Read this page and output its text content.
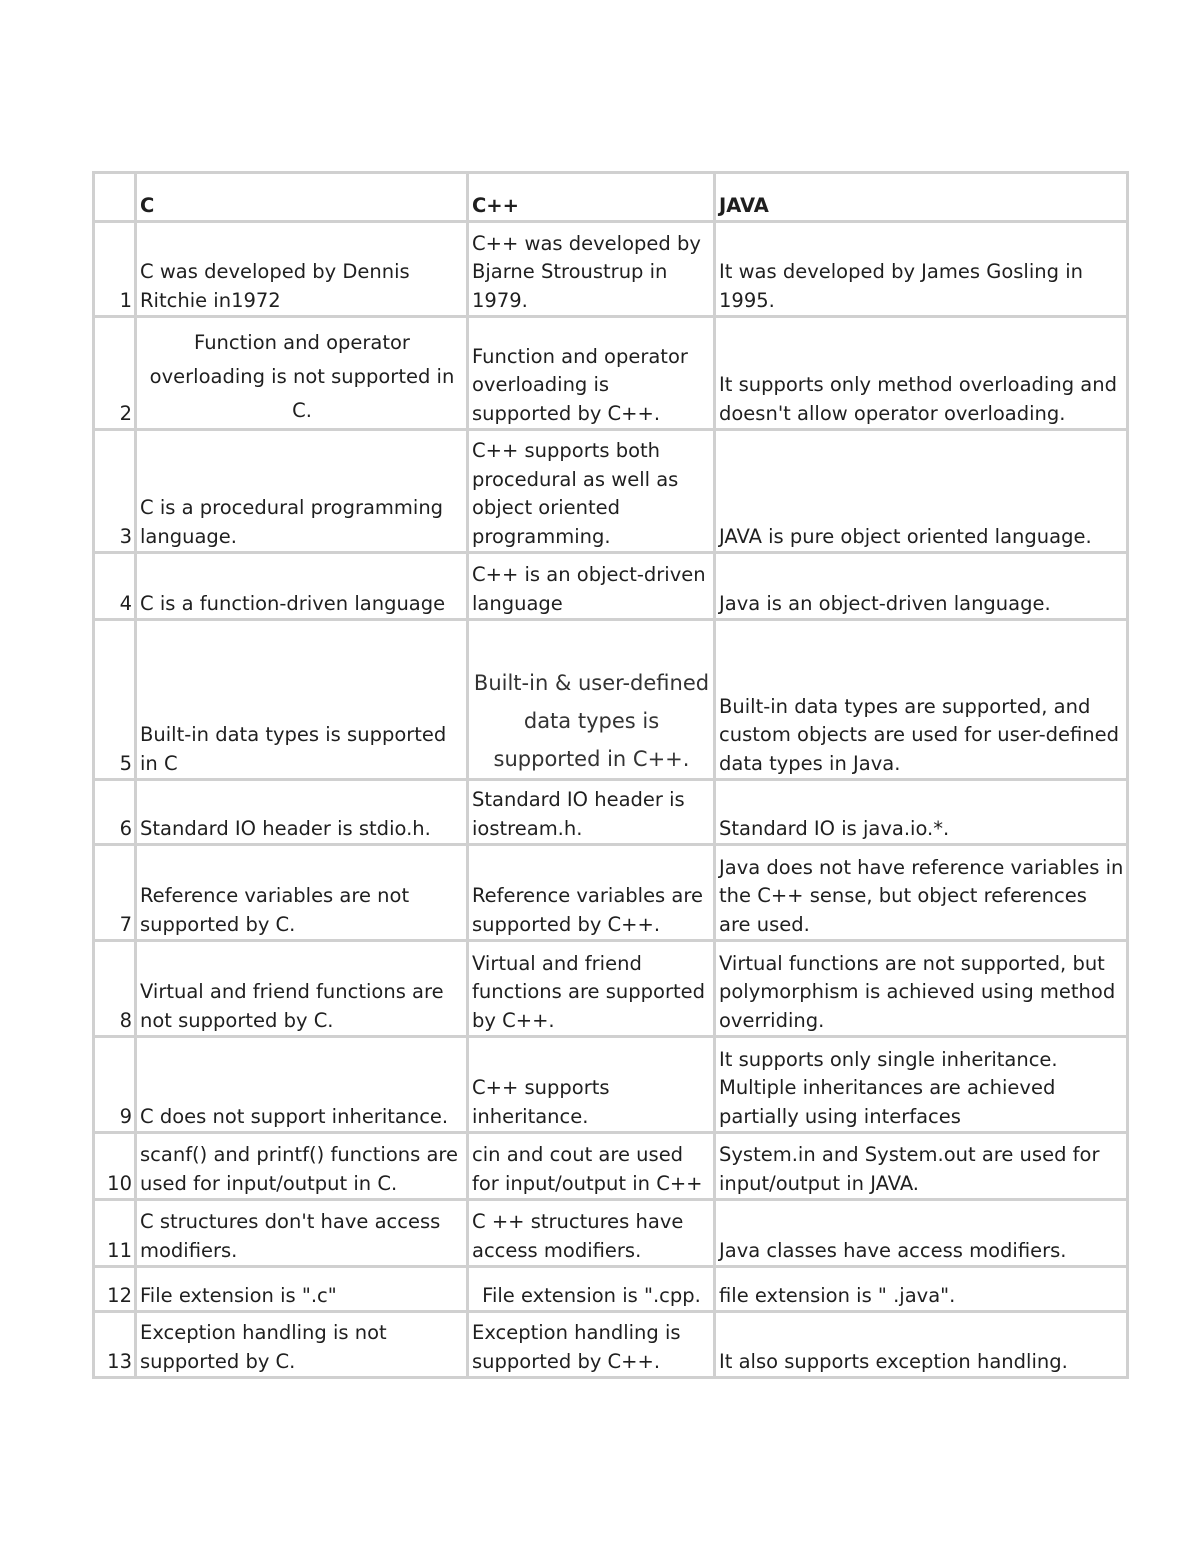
	C	C++	JAVA
1	C was developed by Dennis Ritchie in1972	C++ was developed by Bjarne Stroustrup in 1979.	It was developed by James Gosling in 1995.
2	Function and operator overloading is not supported in C.	Function and operator overloading is supported by C++.	It supports only method overloading and doesn't allow operator overloading.
3	C is a procedural programming language.	C++ supports both procedural as well as object oriented programming.	JAVA is pure object oriented language.
4	C is a function-driven language	C++ is an object-driven language	Java is an object-driven language.
5	Built-in data types is supported in C	Built-in & user-defined data types is supported in C++.	Built-in data types are supported, and custom objects are used for user-defined data types in Java.
6	Standard IO header is stdio.h.	Standard IO header is iostream.h.	Standard IO is java.io.*.
7	Reference variables are not supported by C.	Reference variables are supported by C++.	Java does not have reference variables in the C++ sense, but object references are used.
8	Virtual and friend functions are not supported by C.	Virtual and friend functions are supported by C++.	Virtual functions are not supported, but polymorphism is achieved using method overriding.
9	C does not support inheritance.	C++ supports inheritance.	It supports only single inheritance. Multiple inheritances are achieved partially using interfaces
10	scanf() and printf() functions are used for input/output in C.	cin and cout are used for input/output in C++	System.in and System.out are used for input/output in JAVA.
11	C structures don't have access modifiers.	C ++ structures have access modifiers.	Java classes have access modifiers.
12	File extension is ".c"	File extension is ".cpp.	file extension is " .java".
13	Exception handling is not supported by C.	Exception handling is supported by C++.	It also supports exception handling.
